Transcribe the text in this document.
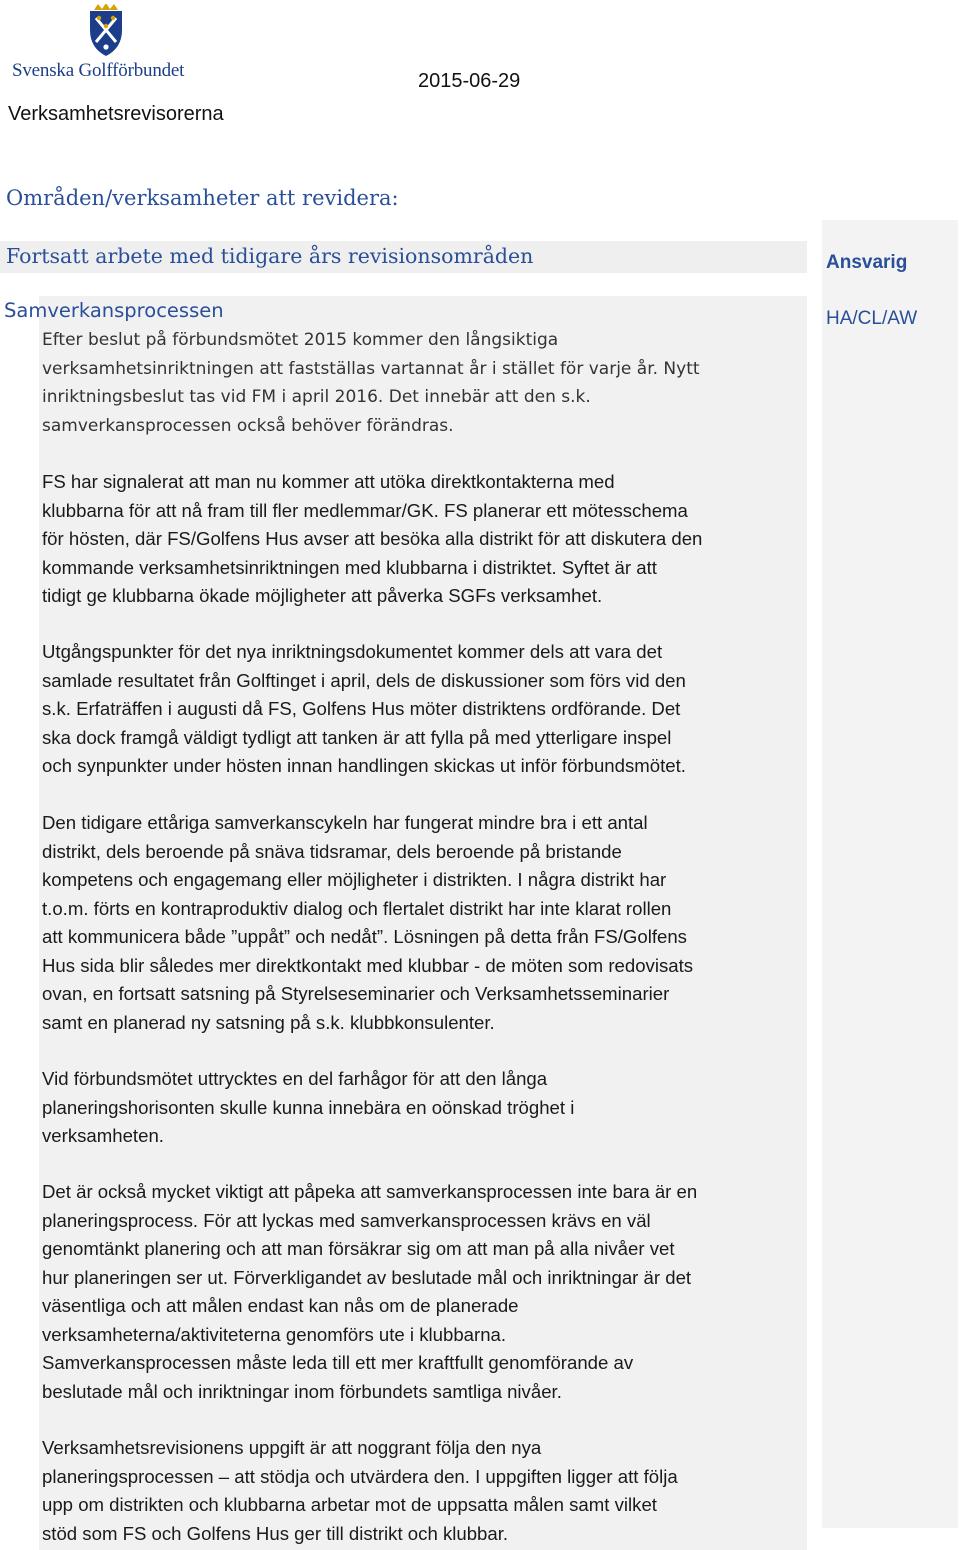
Svenska Golfförbundet	2015-06-29
Verksamhetsrevisorerna
Områden/verksamheter att revidera:
Fortsatt arbete med tidigare års revisionsområden	Ansvarig
HA/CL/AW
Samverkansprocessen
Efter beslut på förbundsmötet 2015 kommer den långsiktiga
verksamhetsinriktningen att fastställas vartannat år i stället för varje år. Nytt
inriktningsbeslut tas vid FM i april 2016. Det innebär att den s.k.
samverkansprocessen också behöver förändras.
FS har signalerat att man nu kommer att utöka direktkontakterna med
klubbarna för att nå fram till fler medlemmar/GK. FS planerar ett mötesschema
för hösten, där FS/Golfens Hus avser att besöka alla distrikt för att diskutera den
kommande verksamhetsinriktningen med klubbarna i distriktet. Syftet är att
tidigt ge klubbarna ökade möjligheter att påverka SGFs verksamhet.
Utgångspunkter för det nya inriktningsdokumentet kommer dels att vara det
samlade resultatet från Golftinget i april, dels de diskussioner som förs vid den
s.k. Erfaträffen i augusti då FS, Golfens Hus möter distriktens ordförande. Det
ska dock framgå väldigt tydligt att tanken är att fylla på med ytterligare inspel
och synpunkter under hösten innan handlingen skickas ut inför förbundsmötet.
Den tidigare ettåriga samverkanscykeln har fungerat mindre bra i ett antal
distrikt, dels beroende på snäva tidsramar, dels beroende på bristande
kompetens och engagemang eller möjligheter i distrikten. I några distrikt har
t.o.m. förts en kontraproduktiv dialog och flertalet distrikt har inte klarat rollen
att kommunicera både ”uppåt” och nedåt”. Lösningen på detta från FS/Golfens
Hus sida blir således mer direktkontakt med klubbar - de möten som redovisats
ovan, en fortsatt satsning på Styrelseseminarier och Verksamhetsseminarier
samt en planerad ny satsning på s.k. klubbkonsulenter.
Vid förbundsmötet uttrycktes en del farhågor för att den långa
planeringshorisonten skulle kunna innebära en oönskad tröghet i
verksamheten.
Det är också mycket viktigt att påpeka att samverkansprocessen inte bara är en
planeringsprocess. För att lyckas med samverkansprocessen krävs en väl
genomtänkt planering och att man försäkrar sig om att man på alla nivåer vet
hur planeringen ser ut. Förverkligandet av beslutade mål och inriktningar är det
väsentliga och att målen endast kan nås om de planerade
verksamheterna/aktiviteterna genomförs ute i klubbarna.
Samverkansprocessen måste leda till ett mer kraftfullt genomförande av
beslutade mål och inriktningar inom förbundets samtliga nivåer.
Verksamhetsrevisionens uppgift är att noggrant följa den nya
planeringsprocessen – att stödja och utvärdera den. I uppgiften ligger att följa
upp om distrikten och klubbarna arbetar mot de uppsatta målen samt vilket
stöd som FS och Golfens Hus ger till distrikt och klubbar.
